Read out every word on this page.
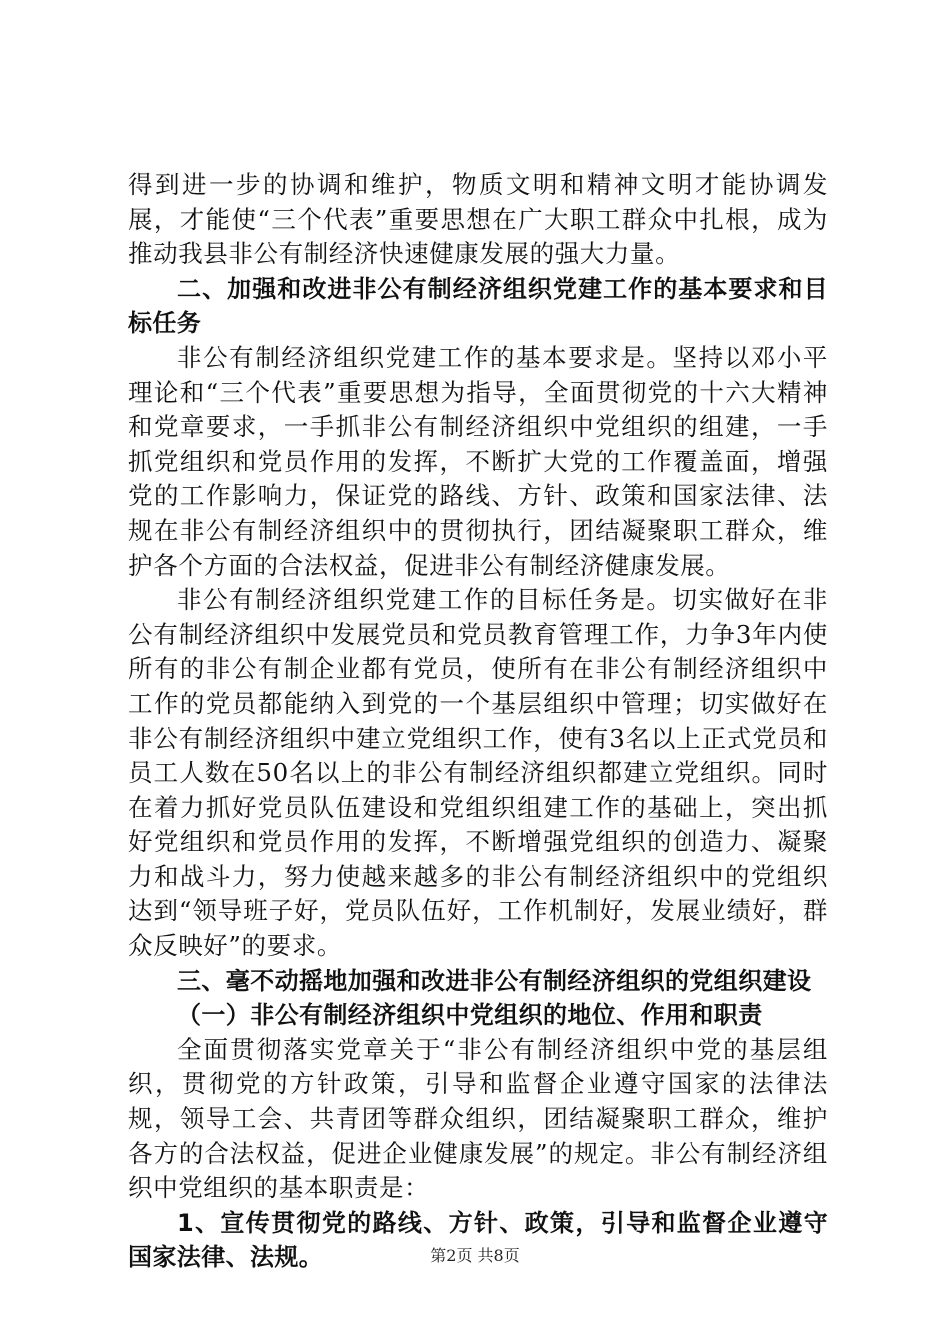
得到进一步的协调和维护，物质文明和精神文明才能协调发展，才能使“三个代表”重要思想在广大职工群众中扎根，成为推动我县非公有制经济快速健康发展的强大力量。

二、加强和改进非公有制经济组织党建工作的基本要求和目标任务

非公有制经济组织党建工作的基本要求是。坚持以邓小平理论和“三个代表”重要思想为指导，全面贯彻党的十六大精神和党章要求，一手抓非公有制经济组织中党组织的组建，一手抓党组织和党员作用的发挥，不断扩大党的工作覆盖面，增强党的工作影响力，保证党的路线、方针、政策和国家法律、法规在非公有制经济组织中的贯彻执行，团结凝聚职工群众，维护各个方面的合法权益，促进非公有制经济健康发展。

非公有制经济组织党建工作的目标任务是。切实做好在非公有制经济组织中发展党员和党员教育管理工作，力争3年内使所有的非公有制企业都有党员，使所有在非公有制经济组织中工作的党员都能纳入到党的一个基层组织中管理；切实做好在非公有制经济组织中建立党组织工作，使有3名以上正式党员和员工人数在50名以上的非公有制经济组织都建立党组织。同时在着力抓好党员队伍建设和党组织组建工作的基础上，突出抓好党组织和党员作用的发挥，不断增强党组织的创造力、凝聚力和战斗力，努力使越来越多的非公有制经济组织中的党组织达到“领导班子好，党员队伍好，工作机制好，发展业绩好，群众反映好”的要求。

三、毫不动摇地加强和改进非公有制经济组织的党组织建设

（一）非公有制经济组织中党组织的地位、作用和职责

全面贯彻落实党章关于“非公有制经济组织中党的基层组织，贯彻党的方针政策，引导和监督企业遵守国家的法律法规，领导工会、共青团等群众组织，团结凝聚职工群众，维护各方的合法权益，促进企业健康发展”的规定。非公有制经济组织中党组织的基本职责是：

1、宣传贯彻党的路线、方针、政策，引导和监督企业遵守国家法律、法规。	第2页 共8页
